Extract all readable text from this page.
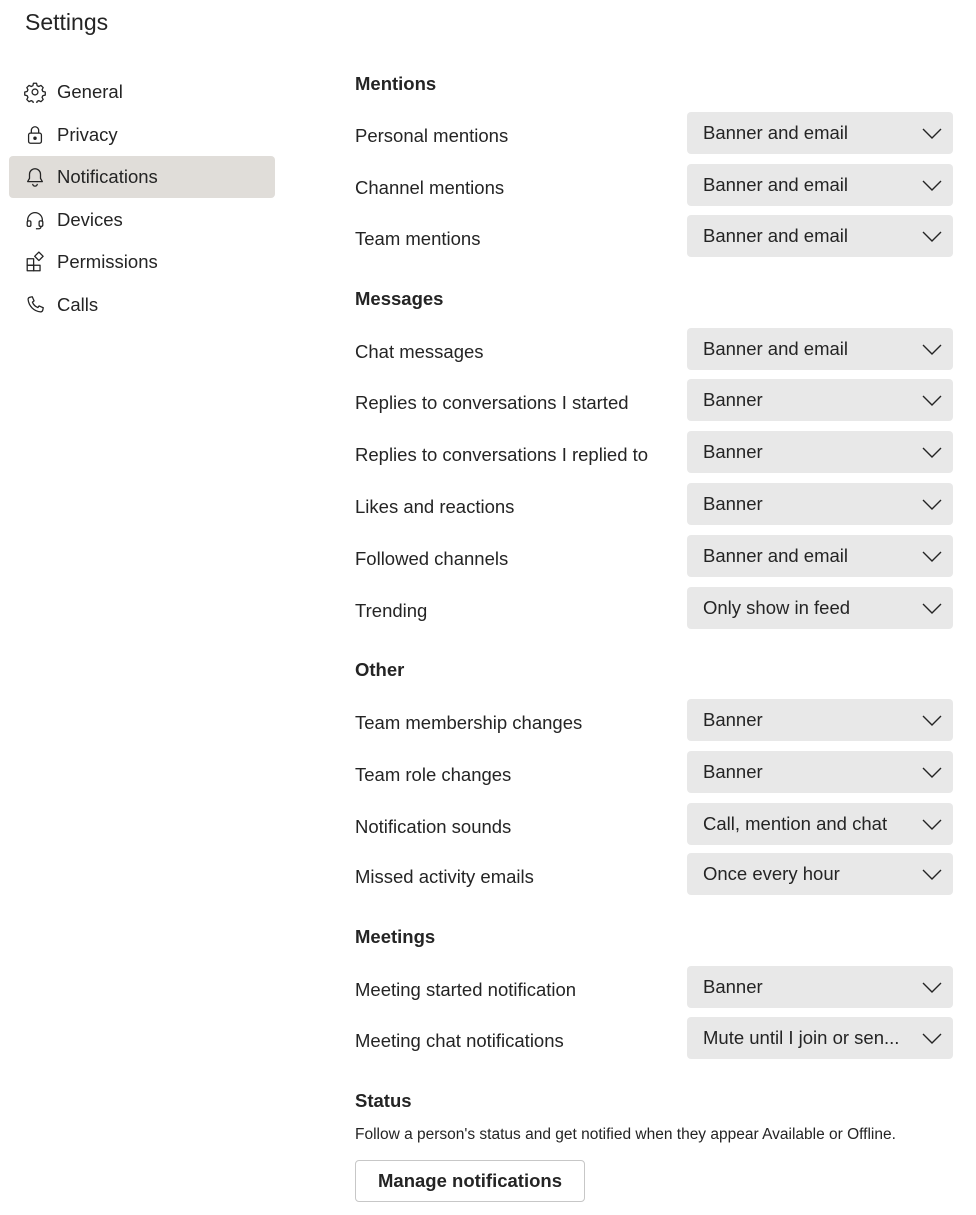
Settings
General
Privacy
Notifications
Devices
Permissions
Calls
Mentions
Personal mentions	Banner and email
Channel mentions	Banner and email
Team mentions	Banner and email
Messages
Chat messages	Banner and email
Replies to conversations I started	Banner
Replies to conversations I replied to	Banner
Likes and reactions	Banner
Followed channels	Banner and email
Trending	Only show in feed
Other
Team membership changes	Banner
Team role changes	Banner
Notification sounds	Call, mention and chat
Missed activity emails	Once every hour
Meetings
Meeting started notification	Banner
Meeting chat notifications	Mute until I join or sen...
Status
Follow a person's status and get notified when they appear Available or Offline.
Manage notifications
